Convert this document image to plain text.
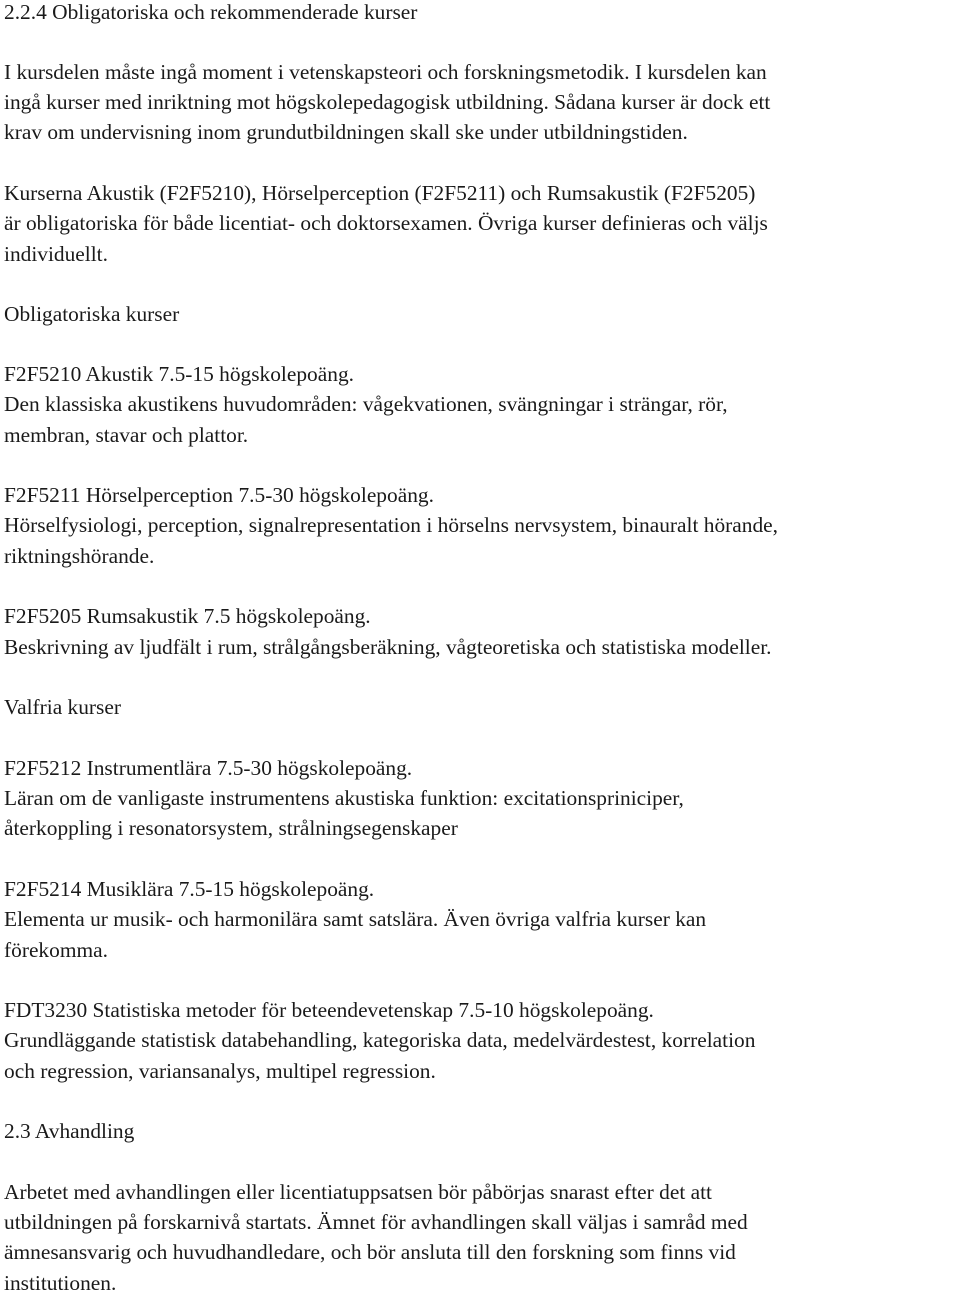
2.2.4 Obligatoriska och rekommenderade kurser

I kursdelen måste ingå moment i vetenskapsteori och forskningsmetodik. I kursdelen kan

ingå kurser med inriktning mot högskolepedagogisk utbildning. Sådana kurser är dock ett

krav om undervisning inom grundutbildningen skall ske under utbildningstiden.

Kurserna Akustik (F2F5210), Hörselperception (F2F5211) och Rumsakustik (F2F5205)

är obligatoriska för både licentiat- och doktorsexamen. Övriga kurser definieras och väljs

individuellt.

Obligatoriska kurser

F2F5210 Akustik 7.5-15 högskolepoäng.

Den klassiska akustikens huvudområden: vågekvationen, svängningar i strängar, rör,

membran, stavar och plattor.

F2F5211 Hörselperception 7.5-30 högskolepoäng.

Hörselfysiologi, perception, signalrepresentation i hörselns nervsystem, binauralt hörande,

riktningshörande.

F2F5205 Rumsakustik 7.5 högskolepoäng.

Beskrivning av ljudfält i rum, strålgångsberäkning, vågteoretiska och statistiska modeller.

Valfria kurser

F2F5212 Instrumentlära 7.5-30 högskolepoäng.

Läran om de vanligaste instrumentens akustiska funktion: excitationspriniciper,

återkoppling i resonatorsystem, strålningsegenskaper

F2F5214 Musiklära 7.5-15 högskolepoäng.

Elementa ur musik- och harmonilära samt satslära. Även övriga valfria kurser kan

förekomma.

FDT3230 Statistiska metoder för beteendevetenskap 7.5-10 högskolepoäng.

Grundläggande statistisk databehandling, kategoriska data, medelvärdestest, korrelation

och regression, variansanalys, multipel regression.

2.3 Avhandling

Arbetet med avhandlingen eller licentiatuppsatsen bör påbörjas snarast efter det att

utbildningen på forskarnivå startats. Ämnet för avhandlingen skall väljas i samråd med

ämnesansvarig och huvudhandledare, och bör ansluta till den forskning som finns vid

institutionen.
